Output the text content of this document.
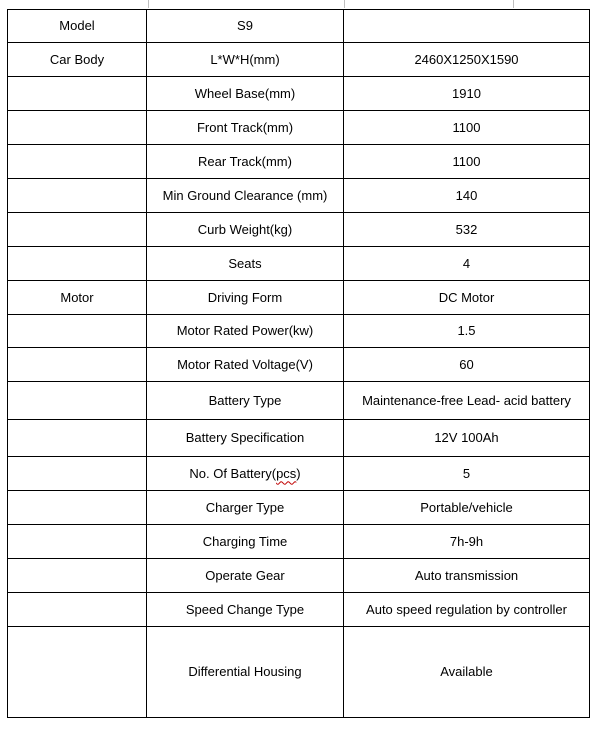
Model	S9	
Car Body	L*W*H(mm)	2460X1250X1590
	Wheel Base(mm)	1910
	Front Track(mm)	1100
	Rear Track(mm)	1100
	Min Ground Clearance (mm)	140
	Curb Weight(kg)	532
	Seats	4
Motor	Driving Form	DC Motor
	Motor Rated Power(kw)	1.5
	Motor Rated Voltage(V)	60
	Battery Type	Maintenance-free Lead- acid battery
	Battery Specification	12V 100Ah
	No. Of Battery(pcs)	5
	Charger Type	Portable/vehicle
	Charging Time	7h-9h
	Operate Gear	Auto transmission
	Speed Change Type	Auto speed regulation by controller
	Differential Housing	Available
